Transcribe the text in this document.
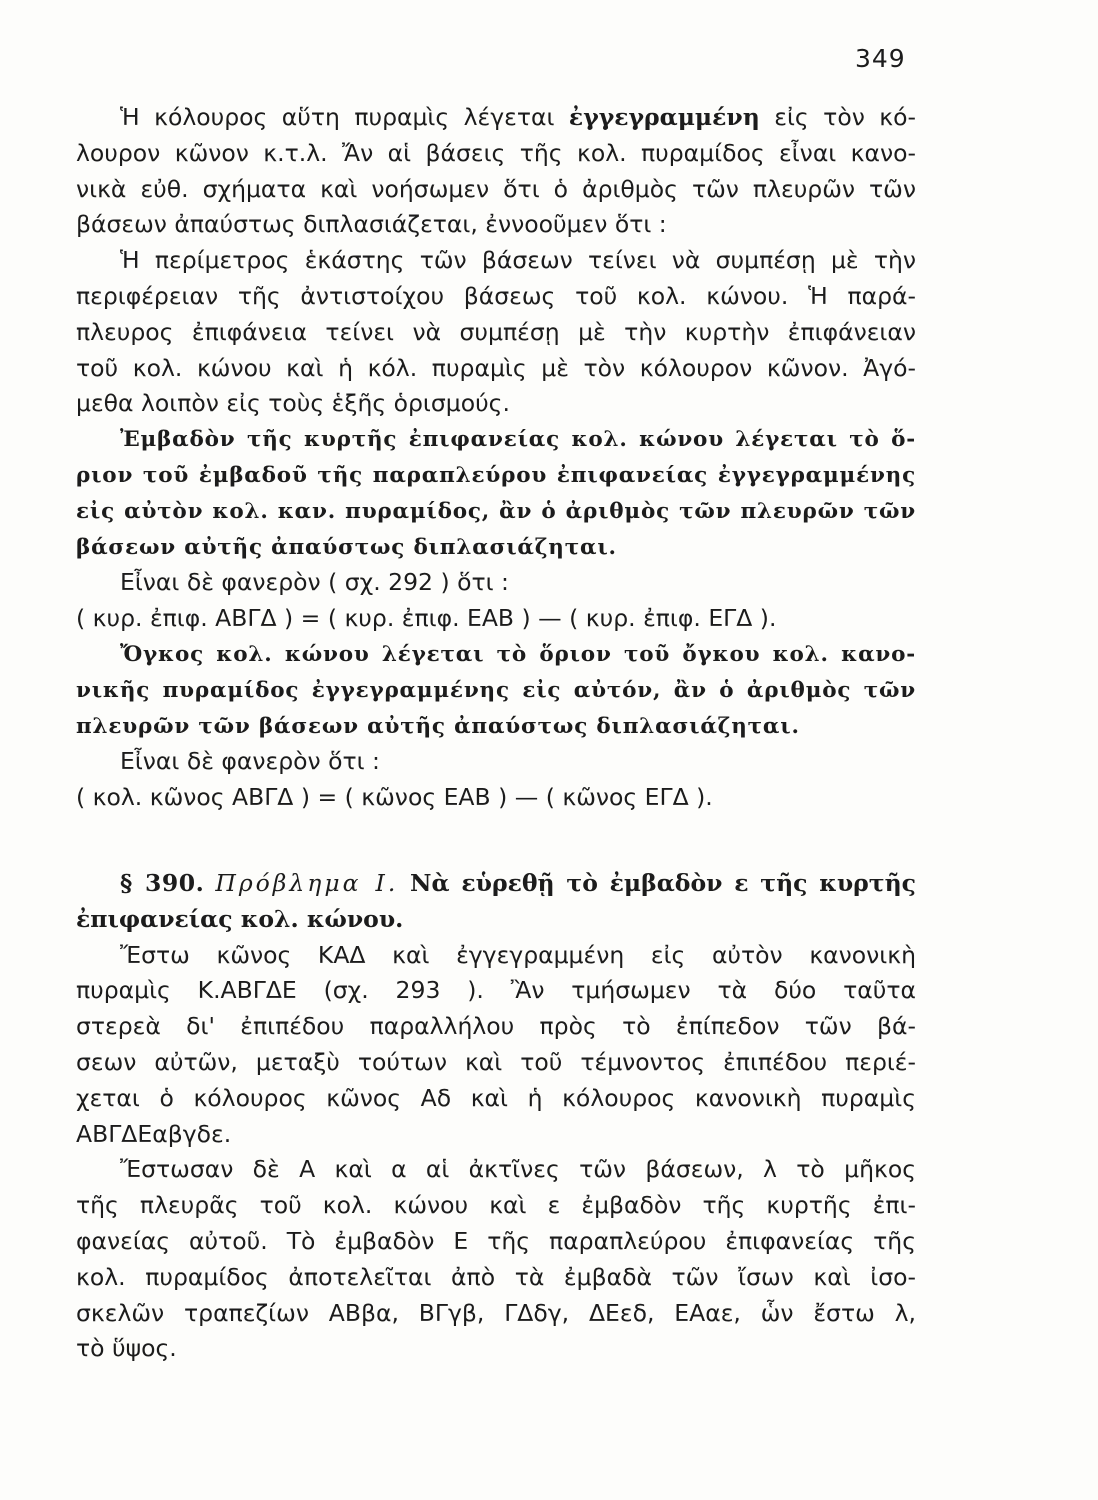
349
Ἡ κόλουρος αὕτη πυραμὶς λέγεται ἐγγεγραμμένη εἰς τὸν κό-
λουρον κῶνον κ.τ.λ. Ἄν αἱ βάσεις τῆς κολ. πυραμίδος εἶναι κανο-
νικὰ εὐθ. σχήματα καὶ νοήσωμεν ὅτι ὁ ἀριθμὸς τῶν πλευρῶν τῶν
βάσεων ἀπαύστως διπλασιάζεται, ἐννοοῦμεν ὅτι :
Ἡ περίμετρος ἑκάστης τῶν βάσεων τείνει νὰ συμπέσῃ μὲ τὴν
περιφέρειαν τῆς ἀντιστοίχου βάσεως τοῦ κολ. κώνου. Ἡ παρά-
πλευρος ἐπιφάνεια τείνει νὰ συμπέσῃ μὲ τὴν κυρτὴν ἐπιφάνειαν
τοῦ κολ. κώνου καὶ ἡ κόλ. πυραμὶς μὲ τὸν κόλουρον κῶνον. Ἀγό-
μεθα λοιπὸν εἰς τοὺς ἑξῆς ὁρισμούς.
Ἐμβαδὸν τῆς κυρτῆς ἐπιφανείας κολ. κώνου λέγεται τὸ ὅ-
ριον τοῦ ἐμβαδοῦ τῆς παραπλεύρου ἐπιφανείας ἐγγεγραμμένης
εἰς αὐτὸν κολ. καν. πυραμίδος, ἂν ὁ ἀριθμὸς τῶν πλευρῶν τῶν
βάσεων αὐτῆς ἀπαύστως διπλασιάζηται.
Εἶναι δὲ φανερὸν ( σχ. 292 ) ὅτι :
( κυρ. ἐπιφ. ΑΒΓΔ ) = ( κυρ. ἐπιφ. ΕΑΒ ) — ( κυρ. ἐπιφ. ΕΓΔ ).
Ὄγκος κολ. κώνου λέγεται τὸ ὅριον τοῦ ὄγκου κολ. κανο-
νικῆς πυραμίδος ἐγγεγραμμένης εἰς αὐτόν, ἂν ὁ ἀριθμὸς τῶν
πλευρῶν τῶν βάσεων αὐτῆς ἀπαύστως διπλασιάζηται.
Εἶναι δὲ φανερὸν ὅτι :
( κολ. κῶνος ΑΒΓΔ ) = ( κῶνος ΕΑΒ ) — ( κῶνος ΕΓΔ ).
§ 390. Πρόβλημα Ι. Νὰ εὑρεθῇ τὸ ἐμβαδὸν ε τῆς κυρτῆς
ἐπιφανείας κολ. κώνου.
Ἔστω κῶνος ΚΑΔ καὶ ἐγγεγραμμένη εἰς αὐτὸν κανονικὴ
πυραμὶς Κ.ΑΒΓΔΕ (σχ. 293 ). Ἂν τμήσωμεν τὰ δύο ταῦτα
στερεὰ δι' ἐπιπέδου παραλλήλου πρὸς τὸ ἐπίπεδον τῶν βά-
σεων αὐτῶν, μεταξὺ τούτων καὶ τοῦ τέμνοντος ἐπιπέδου περιέ-
χεται ὁ κόλουρος κῶνος Αδ καὶ ἡ κόλουρος κανονικὴ πυραμὶς
ΑΒΓΔΕαβγδε.
Ἔστωσαν δὲ Α καὶ α αἱ ἀκτῖνες τῶν βάσεων, λ τὸ μῆκος
τῆς πλευρᾶς τοῦ κολ. κώνου καὶ ε ἐμβαδὸν τῆς κυρτῆς ἐπι-
φανείας αὐτοῦ. Τὸ ἐμβαδὸν Ε τῆς παραπλεύρου ἐπιφανείας τῆς
κολ. πυραμίδος ἀποτελεῖται ἀπὸ τὰ ἐμβαδὰ τῶν ἴσων καὶ ἰσο-
σκελῶν τραπεζίων ΑΒβα, ΒΓγβ, ΓΔδγ, ΔΕεδ, ΕΑαε, ὧν ἔστω λ,
τὸ ὕψος.
